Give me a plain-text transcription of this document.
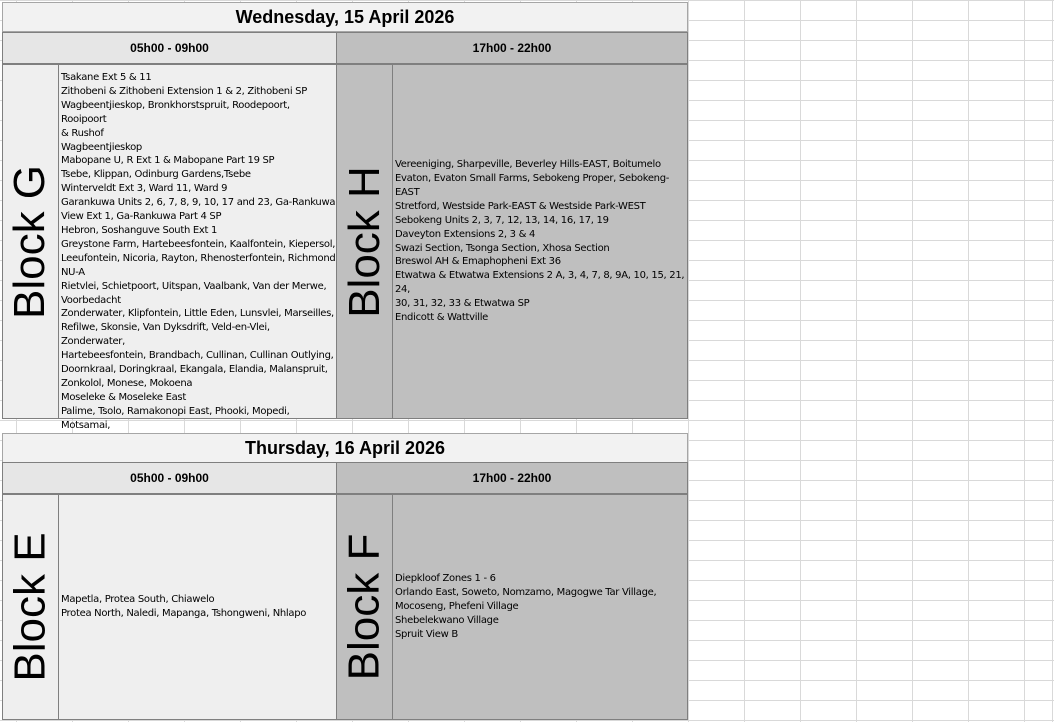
Wednesday, 15 April 2026
05h00 - 09h00	17h00 - 22h00
Block G
Tsakane Ext 5 & 11
Zithobeni & Zithobeni Extension 1 & 2, Zithobeni SP
Wagbeentjieskop, Bronkhorstspruit, Roodepoort, Rooipoort
& Rushof
Wagbeentjieskop
Mabopane U, R Ext 1 & Mabopane Part 19 SP
Tsebe, Klippan, Odinburg Gardens,Tsebe
Winterveldt Ext 3, Ward 11, Ward 9
Garankuwa Units 2, 6, 7, 8, 9, 10, 17 and 23, Ga-Rankuwa
View Ext 1, Ga-Rankuwa Part 4 SP
Hebron, Soshanguve South Ext 1
Greystone Farm, Hartebeesfontein, Kaalfontein, Kiepersol,
Leeufontein, Nicoria, Rayton, Rhenosterfontein, Richmond
NU-A
Rietvlei, Schietpoort, Uitspan, Vaalbank, Van der Merwe,
Voorbedacht
Zonderwater, Klipfontein, Little Eden, Lunsvlei, Marseilles,
Refilwe, Skonsie, Van Dyksdrift, Veld-en-Vlei, Zonderwater,
Hartebeesfontein, Brandbach, Cullinan, Cullinan Outlying,
Doornkraal, Doringkraal, Ekangala, Elandia, Malanspruit,
Zonkolol, Monese, Mokoena
Moseleke & Moseleke East
Palime, Tsolo, Ramakonopi East, Phooki, Mopedi, Motsamai,
Block H
Vereeniging, Sharpeville, Beverley Hills-EAST, Boitumelo
Evaton, Evaton Small Farms, Sebokeng Proper, Sebokeng-
EAST
Stretford, Westside Park-EAST & Westside Park-WEST
Sebokeng Units 2, 3, 7, 12, 13, 14, 16, 17, 19
Daveyton Extensions 2, 3 & 4
Swazi Section, Tsonga Section, Xhosa Section
Breswol AH & Emaphopheni Ext 36
Etwatwa & Etwatwa Extensions 2 A, 3, 4, 7, 8, 9A, 10, 15, 21, 24,
30, 31, 32, 33 & Etwatwa SP
Endicott & Wattville
Thursday, 16 April 2026
05h00 - 09h00	17h00 - 22h00
Block E Mapetla, Protea South, Chiawelo
Protea North, Naledi, Mapanga, Tshongweni, Nhlapo Block F Diepkloof Zones 1 - 6
Orlando East, Soweto, Nomzamo, Magogwe Tar Village,
Mocoseng, Phefeni Village
Shebelekwano Village
Spruit View B
